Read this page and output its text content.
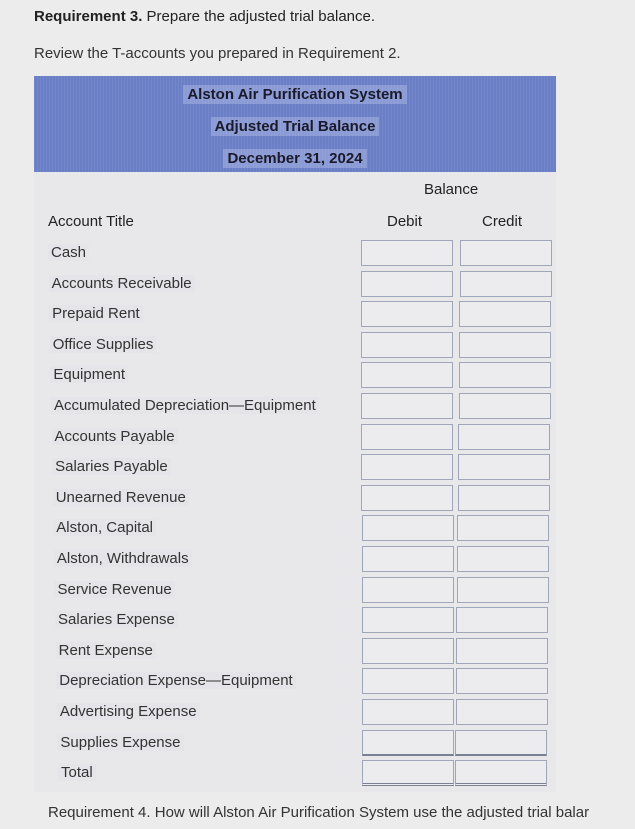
Requirement 3. Prepare the adjusted trial balance.
Review the T-accounts you prepared in Requirement 2.
Alston Air Purification System
Adjusted Trial Balance
December 31, 2024
Balance
Account Title	Debit	Credit
Cash
Accounts Receivable
Prepaid Rent
Office Supplies
Equipment
Accumulated Depreciation—Equipment
Accounts Payable
Salaries Payable
Unearned Revenue
Alston, Capital
Alston, Withdrawals
Service Revenue
Salaries Expense
Rent Expense
Depreciation Expense—Equipment
Advertising Expense
Supplies Expense
Total
Requirement 4. How will Alston Air Purification System use the adjusted trial balar
